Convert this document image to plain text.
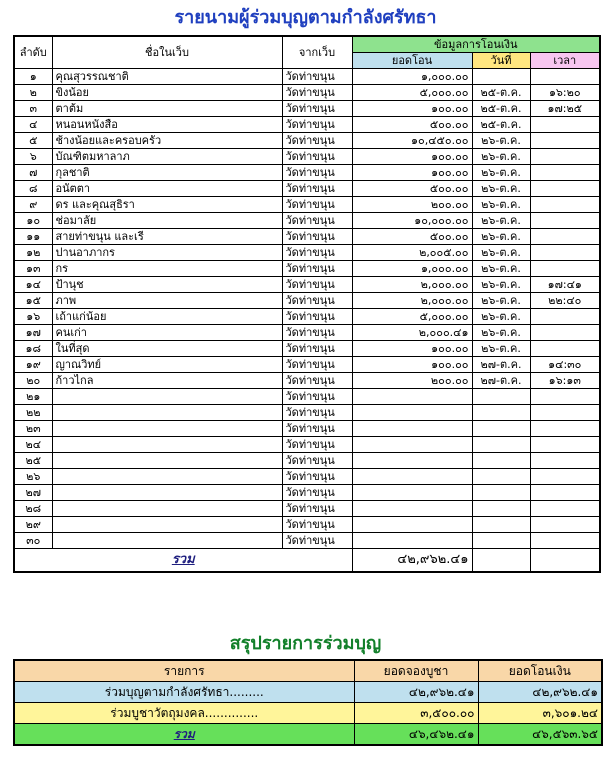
รายนามผู้ร่วมบุญตามกำลังศรัทธา
ลำดับ	ชื่อในเว็บ	จากเว็บ	ข้อมูลการโอนเงิน		
			ยอดโอน	วันที่	เวลา
๑	คุณสุวรรณชาติ	วัดท่าขนุน	๑,๐๐๐.๐๐		
๒	ขิงน้อย	วัดท่าขนุน	๕,๐๐๐.๐๐	๒๕-ต.ค.	๑๖:๒๐
๓	ตาต้ม	วัดท่าขนุน	๑๐๐.๐๐	๒๕-ต.ค.	๑๗:๒๕
๔	หนอนหนังสือ	วัดท่าขนุน	๕๐๐.๐๐	๒๕-ต.ค.	
๕	ช้างน้อยและครอบครัว	วัดท่าขนุน	๑๐,๔๕๐.๐๐	๒๖-ต.ค.	
๖	บัณฑิตมหาลาภ	วัดท่าขนุน	๑๐๐.๐๐	๒๖-ต.ค.	
๗	กุลชาติ	วัดท่าขนุน	๑๐๐.๐๐	๒๖-ต.ค.	
๘	อนัตตา	วัดท่าขนุน	๕๐๐.๐๐	๒๖-ต.ค.	
๙	ดร และคุณสุธิรา	วัดท่าขนุน	๒๐๐.๐๐	๒๖-ต.ค.	
๑๐	ช่อมาลัย	วัดท่าขนุน	๑๐,๐๐๐.๐๐	๒๖-ต.ค.	
๑๑	สายท่าขนุน และเรี	วัดท่าขนุน	๕๐๐.๐๐	๒๖-ต.ค.	
๑๒	ปานอาภากร	วัดท่าขนุน	๒,๐๐๕.๐๐	๒๖-ต.ค.	
๑๓	กร	วัดท่าขนุน	๑,๐๐๐.๐๐	๒๖-ต.ค.	
๑๔	ป้านุช	วัดท่าขนุน	๒,๐๐๐.๐๐	๒๖-ต.ค.	๑๗:๔๑
๑๕	ภาพ	วัดท่าขนุน	๒,๐๐๐.๐๐	๒๖-ต.ค.	๒๒:๔๐
๑๖	เถ้าแก่น้อย	วัดท่าขนุน	๕,๐๐๐.๐๐	๒๖-ต.ค.	
๑๗	คนเก่า	วัดท่าขนุน	๒,๐๐๐.๔๑	๒๖-ต.ค.	
๑๘	ในที่สุด	วัดท่าขนุน	๑๐๐.๐๐	๒๖-ต.ค.	
๑๙	ญาณวิทย์	วัดท่าขนุน	๑๐๐.๐๐	๒๗-ต.ค.	๑๔:๓๐
๒๐	ก้าวไกล	วัดท่าขนุน	๒๐๐.๐๐	๒๗-ต.ค.	๑๖:๑๓
๒๑		วัดท่าขนุน			
๒๒		วัดท่าขนุน			
๒๓		วัดท่าขนุน			
๒๔		วัดท่าขนุน			
๒๕		วัดท่าขนุน			
๒๖		วัดท่าขนุน			
๒๗		วัดท่าขนุน			
๒๘		วัดท่าขนุน			
๒๙		วัดท่าขนุน			
๓๐		วัดท่าขนุน			
รวม			๔๒,๙๖๒.๔๑		
สรุปรายการร่วมบุญ
รายการ	ยอดจองบูชา	ยอดโอนเงิน
ร่วมบุญตามกำลังศรัทธา.........	๔๒,๙๖๒.๔๑	๔๒,๙๖๒.๔๑
ร่วมบูชาวัตถุมงคล..............	๓,๕๐๐.๐๐	๓,๖๐๑.๒๔
รวม	๔๖,๔๖๒.๔๑	๔๖,๕๖๓.๖๕
